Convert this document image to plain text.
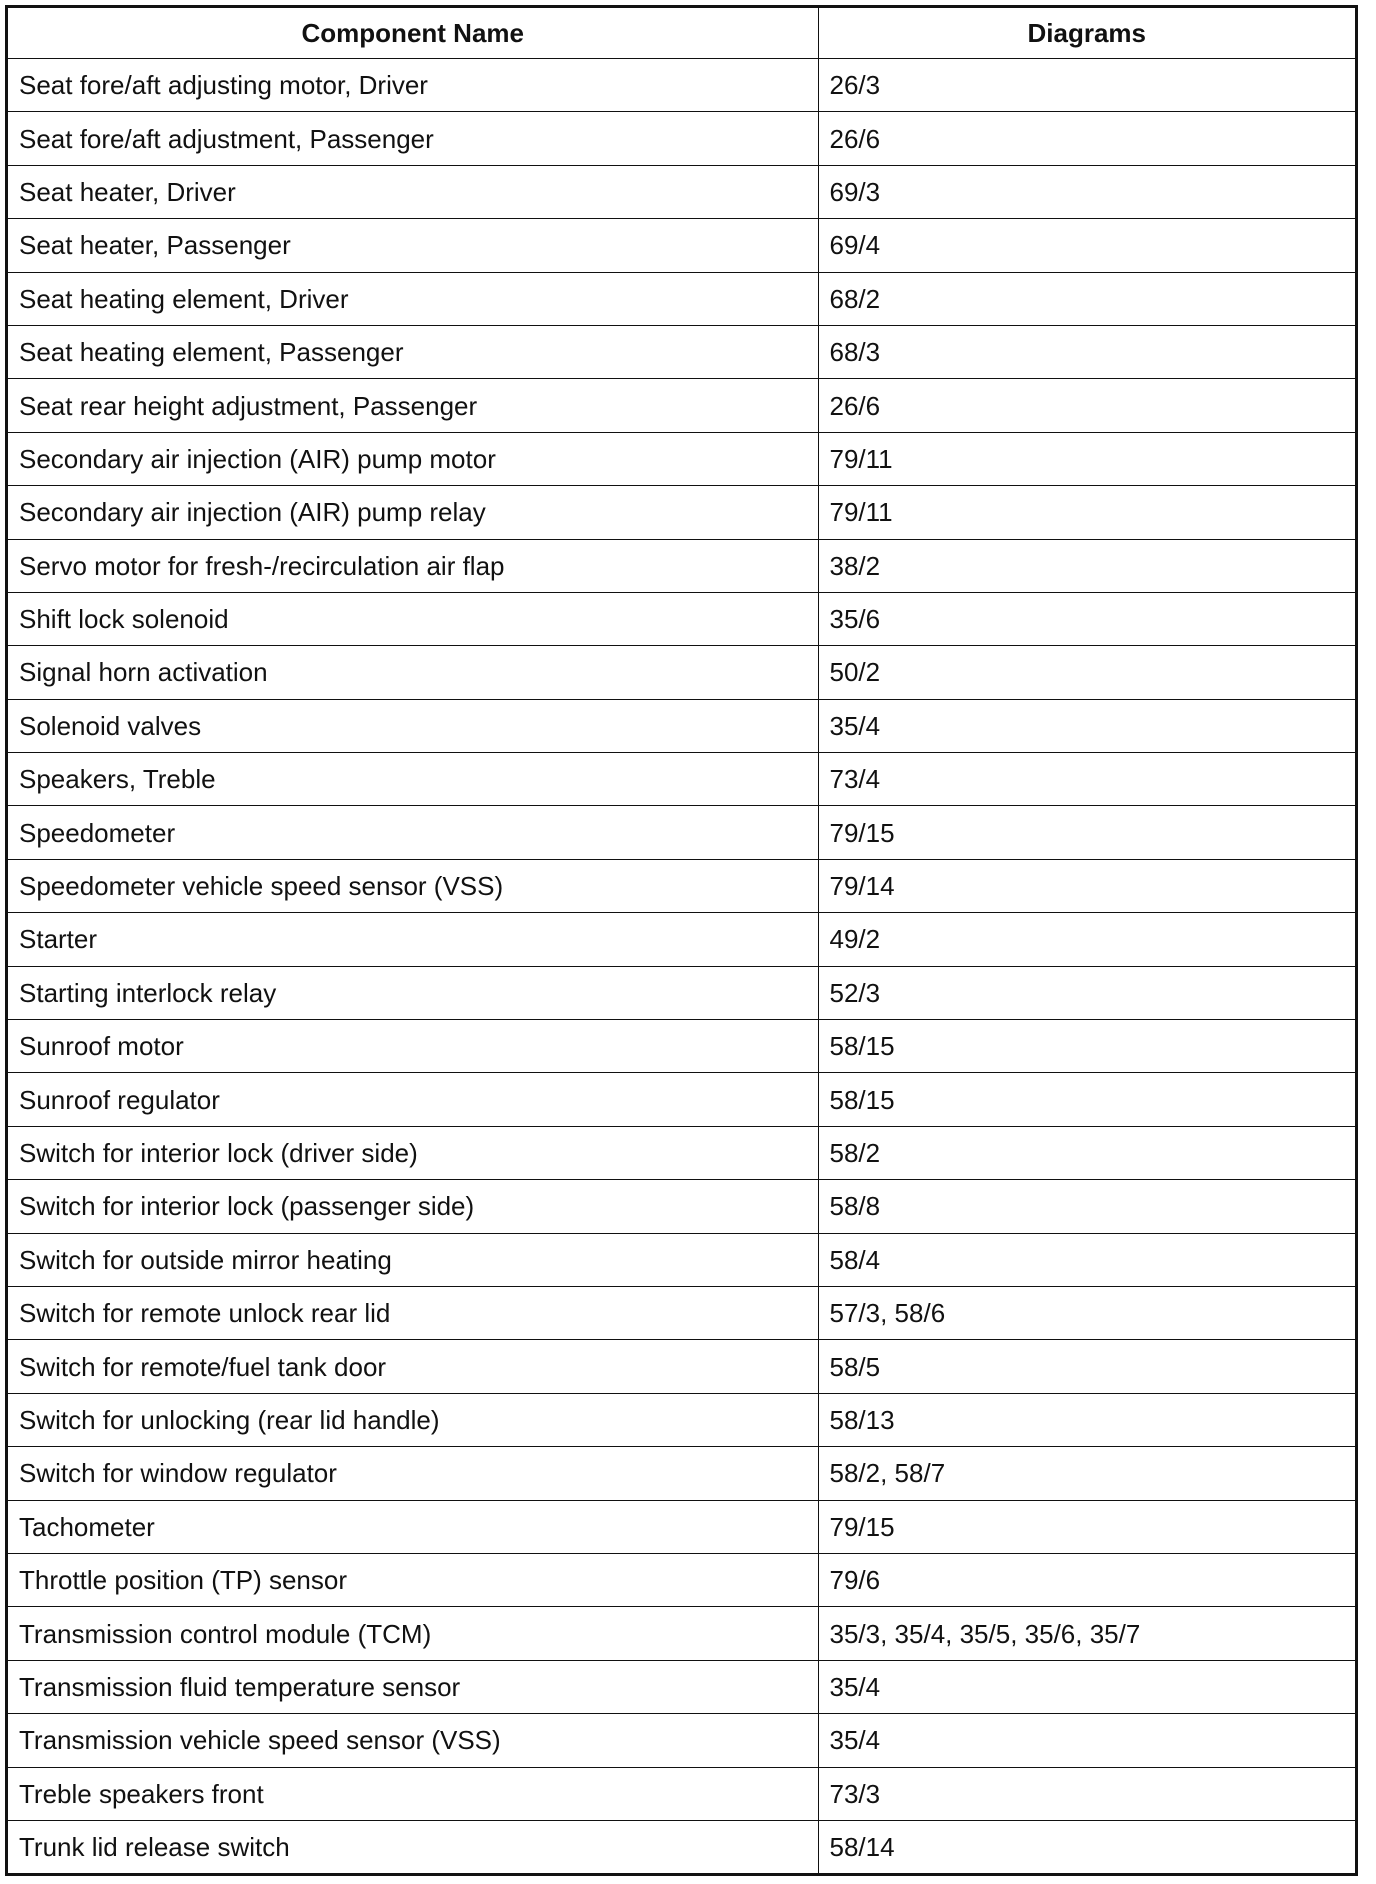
Component Name	Diagrams
Seat fore/aft adjusting motor, Driver	26/3
Seat fore/aft adjustment, Passenger	26/6
Seat heater, Driver	69/3
Seat heater, Passenger	69/4
Seat heating element, Driver	68/2
Seat heating element, Passenger	68/3
Seat rear height adjustment, Passenger	26/6
Secondary air injection (AIR) pump motor	79/11
Secondary air injection (AIR) pump relay	79/11
Servo motor for fresh-/recirculation air flap	38/2
Shift lock solenoid	35/6
Signal horn activation	50/2
Solenoid valves	35/4
Speakers, Treble	73/4
Speedometer	79/15
Speedometer vehicle speed sensor (VSS)	79/14
Starter	49/2
Starting interlock relay	52/3
Sunroof motor	58/15
Sunroof regulator	58/15
Switch for interior lock (driver side)	58/2
Switch for interior lock (passenger side)	58/8
Switch for outside mirror heating	58/4
Switch for remote unlock rear lid	57/3, 58/6
Switch for remote/fuel tank door	58/5
Switch for unlocking (rear lid handle)	58/13
Switch for window regulator	58/2, 58/7
Tachometer	79/15
Throttle position (TP) sensor	79/6
Transmission control module (TCM)	35/3, 35/4, 35/5, 35/6, 35/7
Transmission fluid temperature sensor	35/4
Transmission vehicle speed sensor (VSS)	35/4
Treble speakers front	73/3
Trunk lid release switch	58/14
